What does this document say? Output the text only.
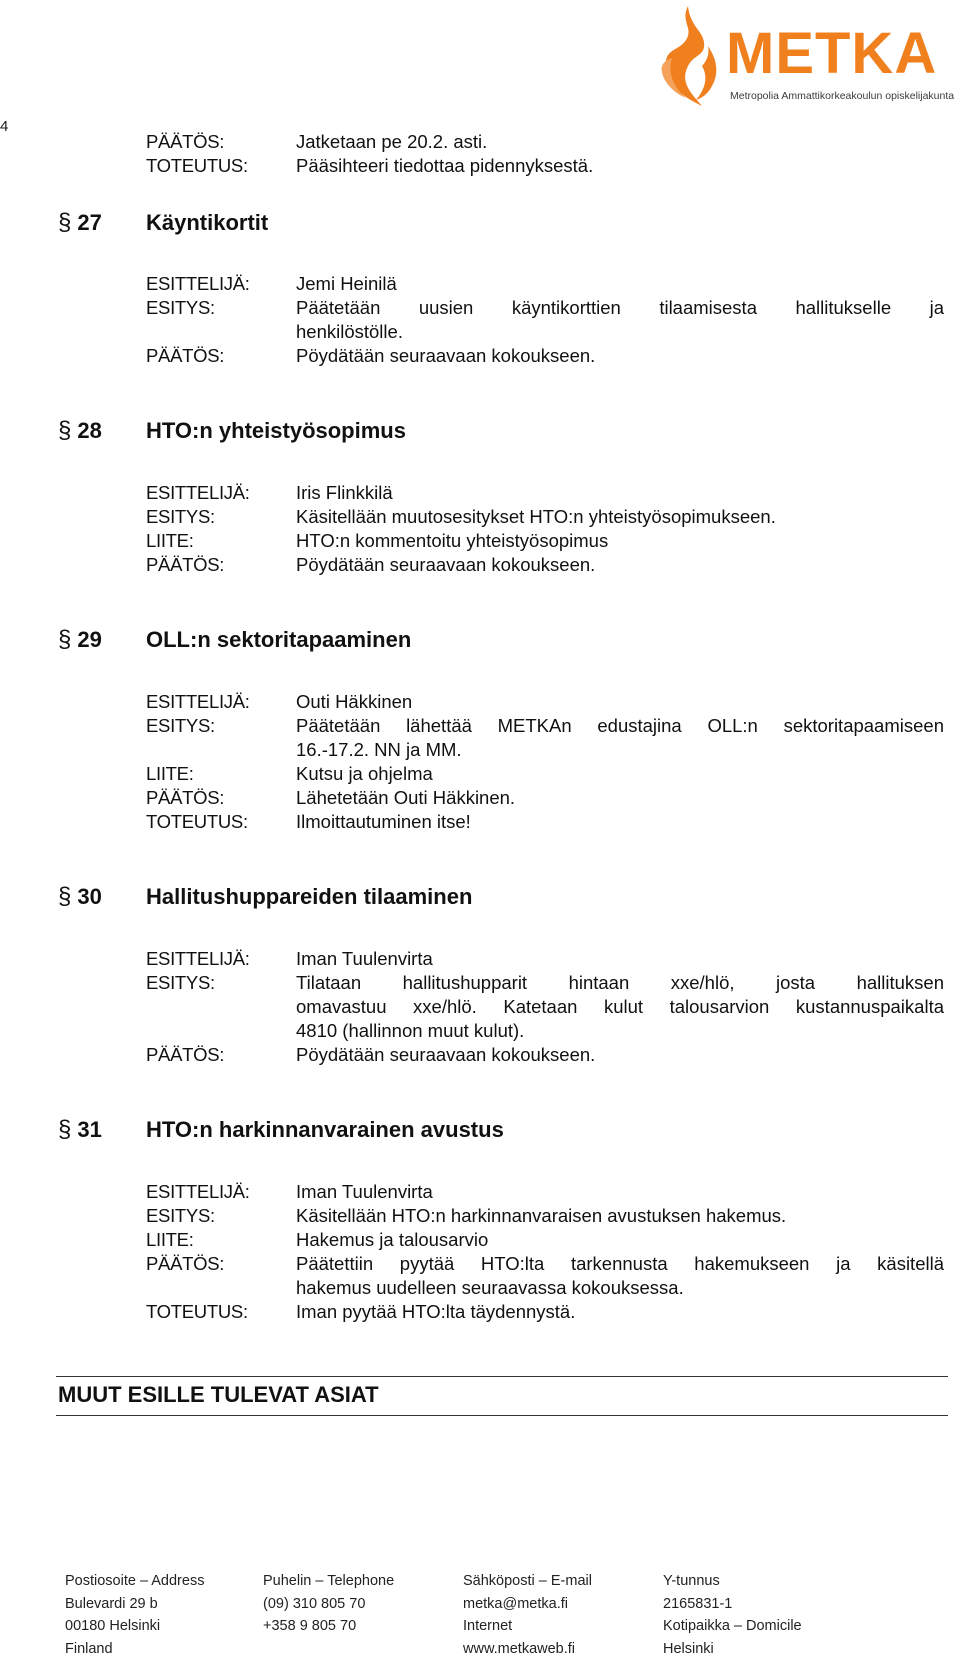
4
METKA
Metropolia Ammattikorkeakoulun opiskelijakunta
PÄÄTÖS:	Jatketaan pe 20.2. asti.
TOTEUTUS:	Pääsihteeri tiedottaa pidennyksestä.
§ 27 Käyntikortit
ESITTELIJÄ:	Jemi Heinilä
ESITYS:	Päätetään uusien käyntikorttien tilaamisesta hallitukselle ja
henkilöstölle.
PÄÄTÖS:	Pöydätään seuraavaan kokoukseen.
§ 28 HTO:n yhteistyösopimus
ESITTELIJÄ:	Iris Flinkkilä
ESITYS:	Käsitellään muutosesitykset HTO:n yhteistyösopimukseen.
LIITE:	HTO:n kommentoitu yhteistyösopimus
PÄÄTÖS:	Pöydätään seuraavaan kokoukseen.
§ 29 OLL:n sektoritapaaminen
ESITTELIJÄ:	Outi Häkkinen
ESITYS:	Päätetään lähettää METKAn edustajina OLL:n sektoritapaamiseen
16.-17.2. NN ja MM.
LIITE:	Kutsu ja ohjelma
PÄÄTÖS:	Lähetetään Outi Häkkinen.
TOTEUTUS:	Ilmoittautuminen itse!
§ 30 Hallitushuppareiden tilaaminen
ESITTELIJÄ:	Iman Tuulenvirta
ESITYS:	Tilataan hallitushupparit hintaan xxe/hlö, josta hallituksen
omavastuu xxe/hlö. Katetaan kulut talousarvion kustannuspaikalta
4810 (hallinnon muut kulut).
PÄÄTÖS:	Pöydätään seuraavaan kokoukseen.
§ 31 HTO:n harkinnanvarainen avustus
ESITTELIJÄ:	Iman Tuulenvirta
ESITYS:	Käsitellään HTO:n harkinnanvaraisen avustuksen hakemus.
LIITE:	Hakemus ja talousarvio
PÄÄTÖS:	Päätettiin pyytää HTO:lta tarkennusta hakemukseen ja käsitellä
hakemus uudelleen seuraavassa kokouksessa.
TOTEUTUS:	Iman pyytää HTO:lta täydennystä.
MUUT ESILLE TULEVAT ASIAT
Postiosoite – Address
Bulevardi 29 b
00180 Helsinki
Finland
Puhelin – Telephone
(09) 310 805 70
+358 9 805 70
Sähköposti – E-mail
metka@metka.fi
Internet
www.metkaweb.fi
Y-tunnus
2165831-1
Kotipaikka – Domicile
Helsinki
